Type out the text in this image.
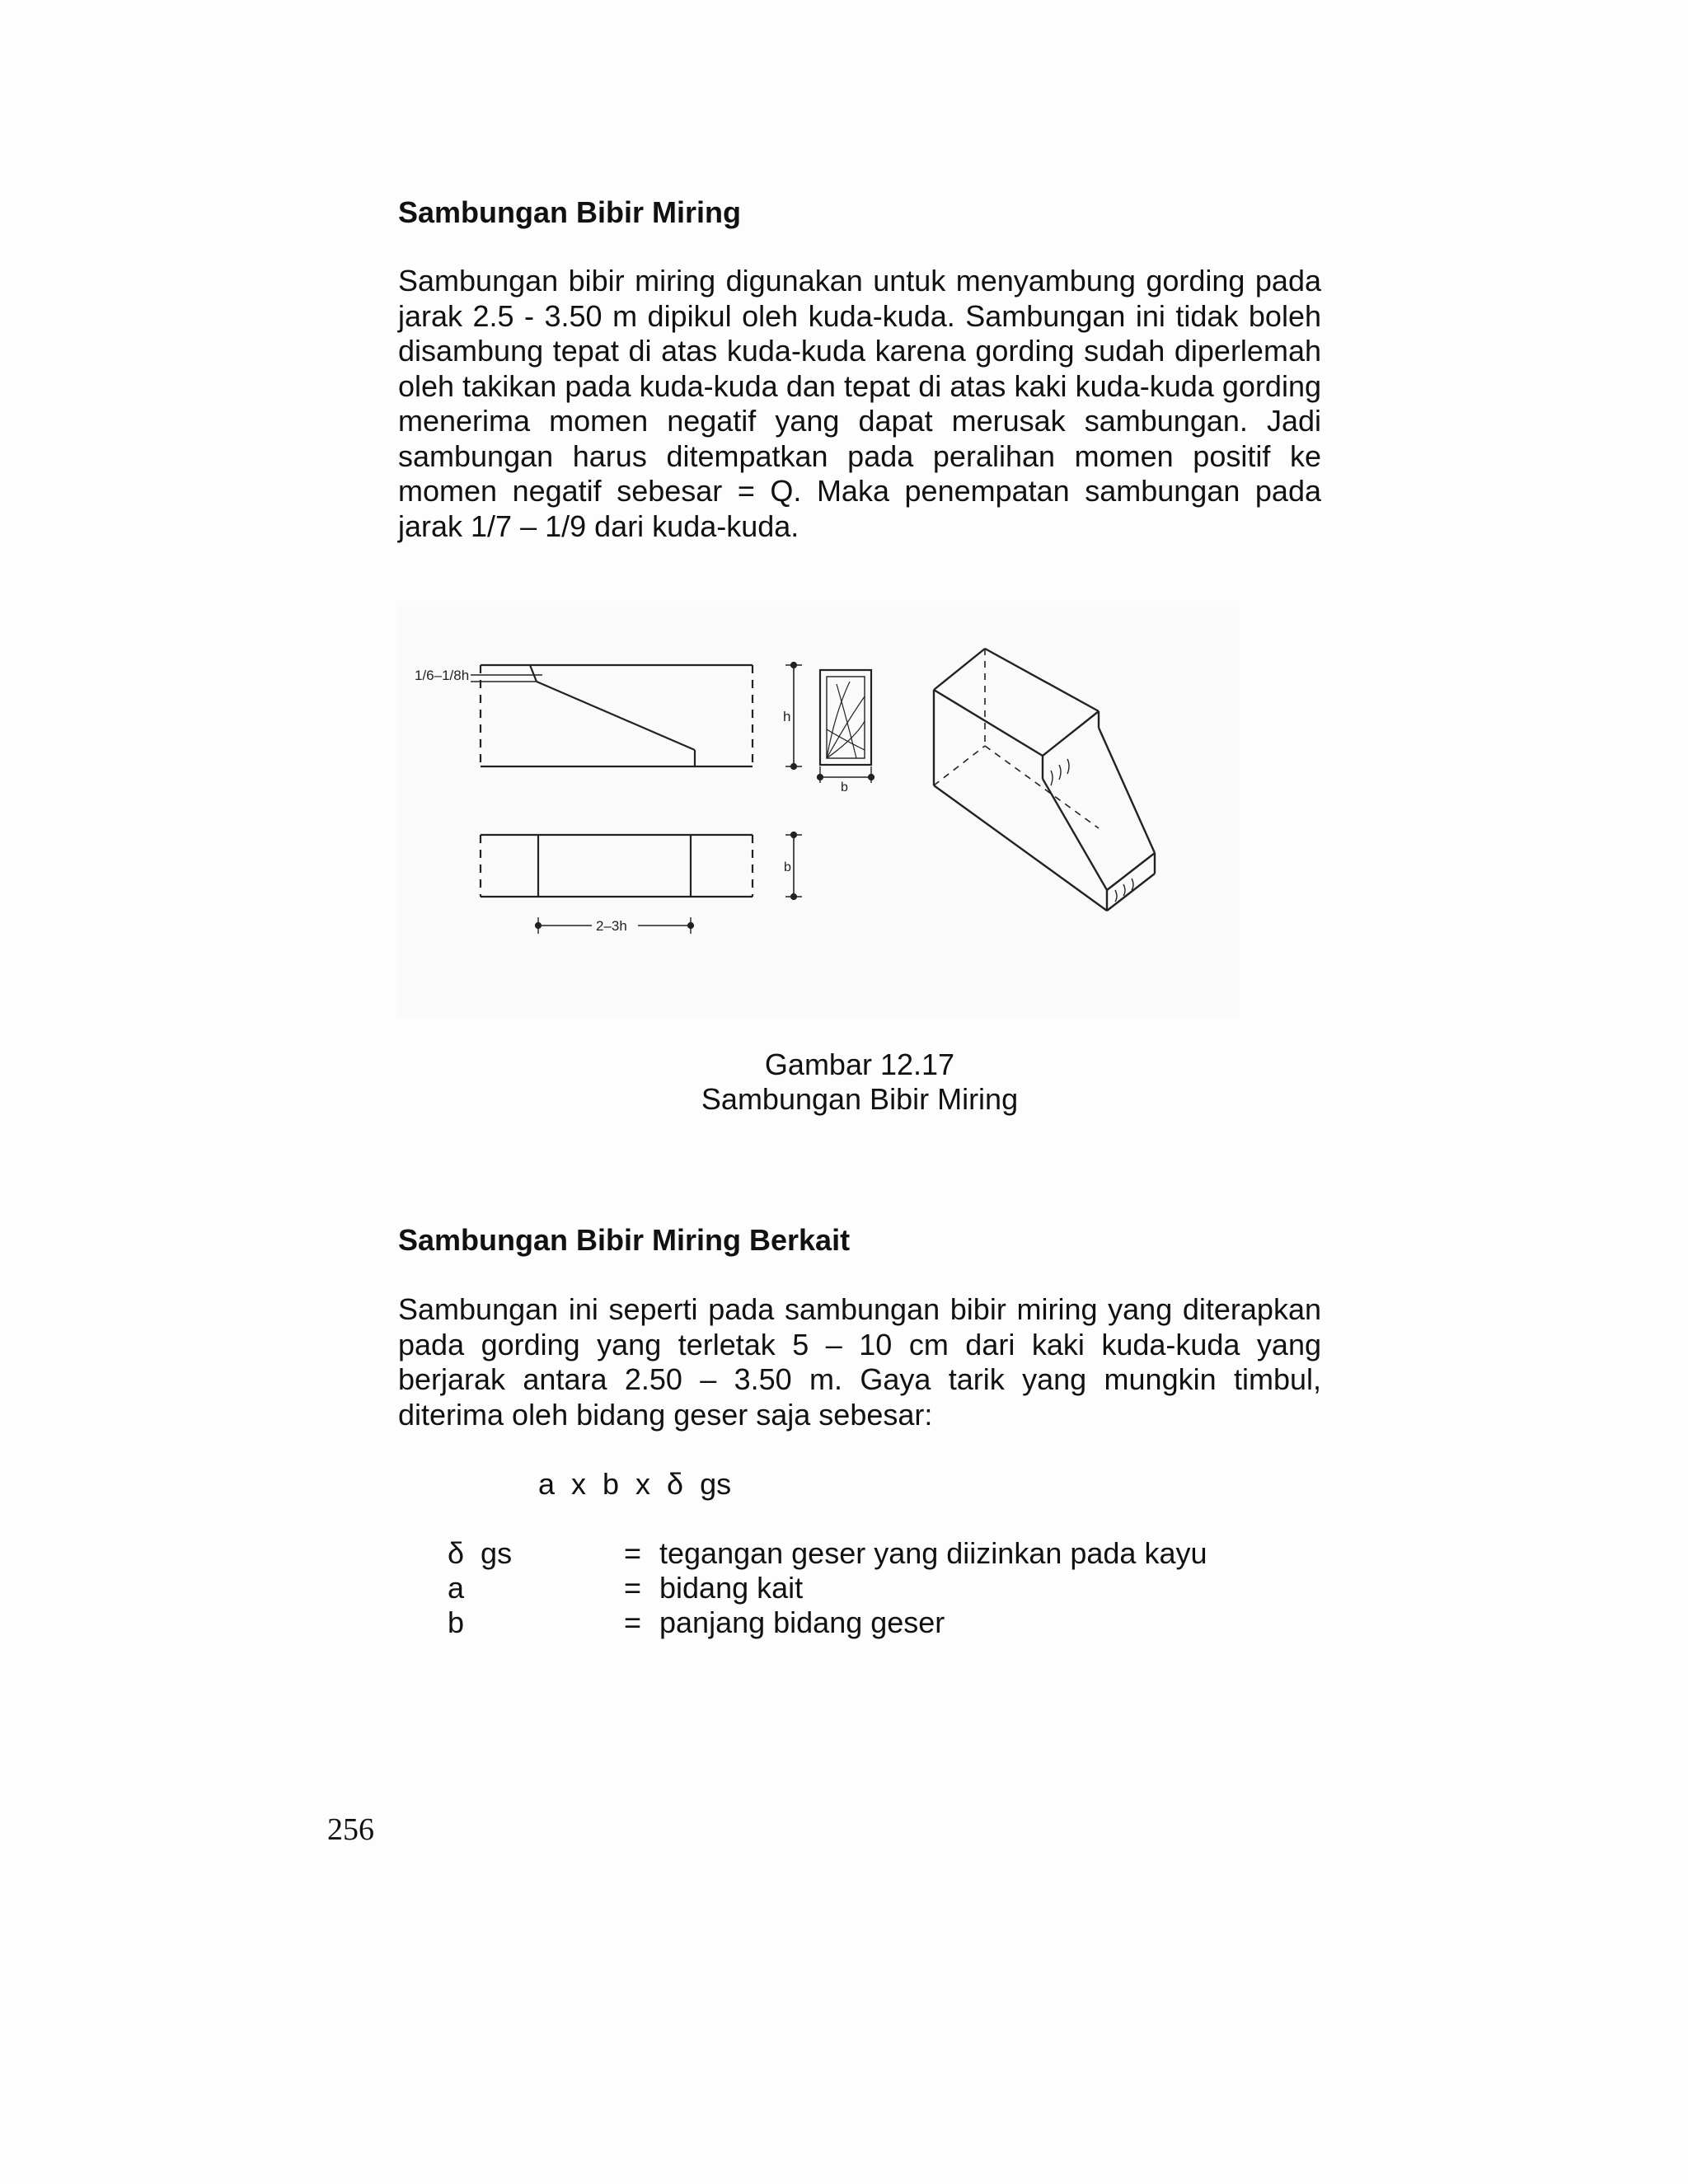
Sambungan Bibir Miring

Sambungan bibir miring digunakan untuk menyambung gording pada jarak 2.5 - 3.50 m dipikul oleh kuda-kuda. Sambungan ini tidak boleh disambung tepat di atas kuda-kuda karena gording sudah diperlemah oleh takikan pada kuda-kuda dan tepat di atas kaki kuda-kuda gording menerima momen negatif yang dapat merusak sambungan. Jadi sambungan harus ditempatkan pada peralihan momen positif ke momen negatif sebesar = Q. Maka penempatan sambungan pada jarak 1/7 – 1/9 dari kuda-kuda.

1/6–1/8h
h
b
b
2–3h

Gambar 12.17

Sambungan Bibir Miring

Sambungan Bibir Miring Berkait

Sambungan ini seperti pada sambungan bibir miring yang diterapkan pada gording yang terletak 5 – 10 cm dari kaki kuda-kuda yang berjarak antara 2.50 – 3.50 m. Gaya tarik yang mungkin timbul, diterima oleh bidang geser saja sebesar:

a  x  b  x  δ  gs

δ  gs	= tegangan geser yang diizinkan pada kayu
a	= bidang kait
b	= panjang bidang geser

256
